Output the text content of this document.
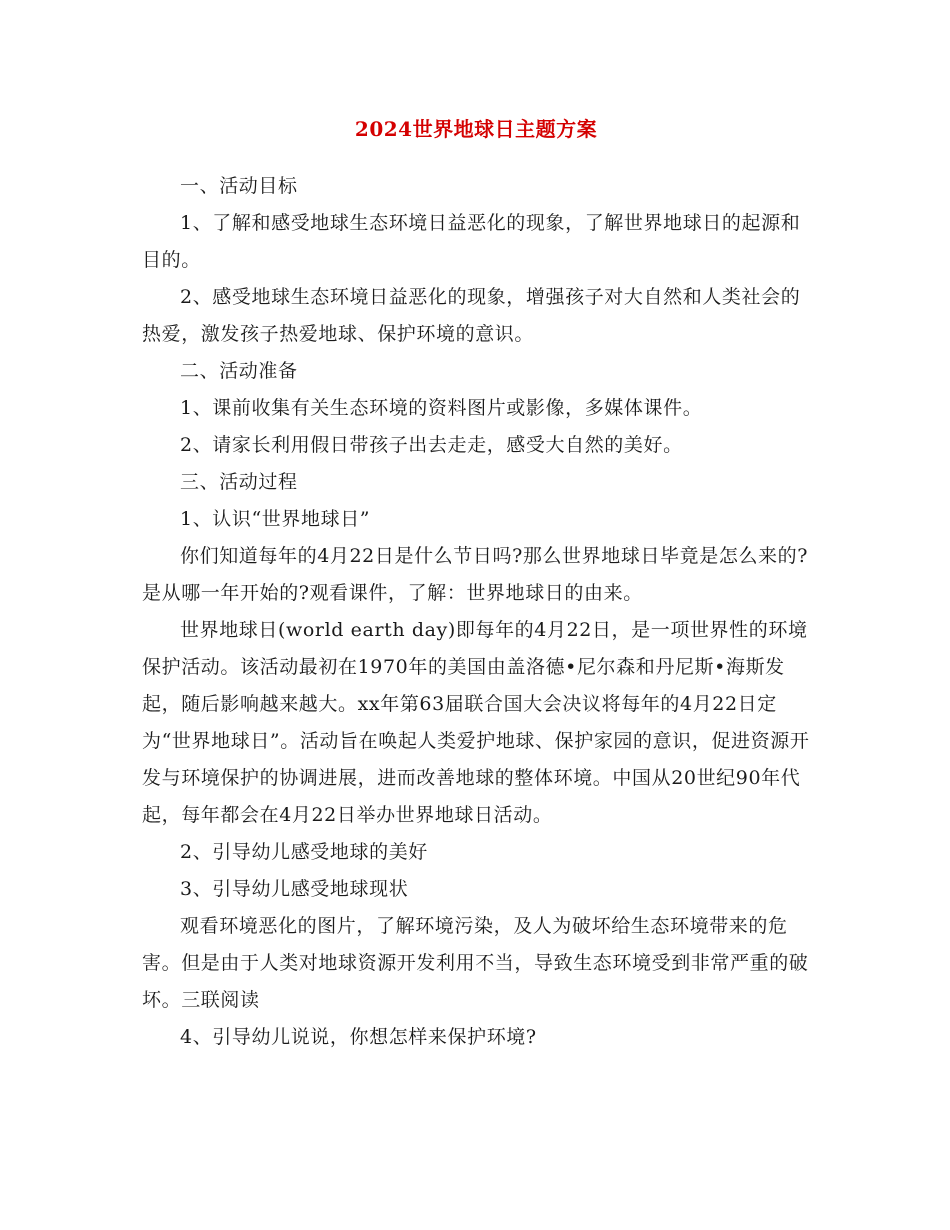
2024世界地球日主题方案

一、活动目标

1、了解和感受地球生态环境日益恶化的现象，了解世界地球日的起源和目的。

2、感受地球生态环境日益恶化的现象，增强孩子对大自然和人类社会的热爱，激发孩子热爱地球、保护环境的意识。

二、活动准备

1、课前收集有关生态环境的资料图片或影像，多媒体课件。

2、请家长利用假日带孩子出去走走，感受大自然的美好。

三、活动过程

1、认识“世界地球日”

你们知道每年的4月22日是什么节日吗?那么世界地球日毕竟是怎么来的?是从哪一年开始的?观看课件，了解：世界地球日的由来。

世界地球日(world earth day)即每年的4月22日，是一项世界性的环境保护活动。该活动最初在1970年的美国由盖洛德•尼尔森和丹尼斯•海斯发起，随后影响越来越大。xx年第63届联合国大会决议将每年的4月22日定为“世界地球日”。活动旨在唤起人类爱护地球、保护家园的意识，促进资源开发与环境保护的协调进展，进而改善地球的整体环境。中国从20世纪90年代起，每年都会在4月22日举办世界地球日活动。

2、引导幼儿感受地球的美好

3、引导幼儿感受地球现状

观看环境恶化的图片，了解环境污染，及人为破坏给生态环境带来的危害。但是由于人类对地球资源开发利用不当，导致生态环境受到非常严重的破坏。三联阅读

4、引导幼儿说说，你想怎样来保护环境?
